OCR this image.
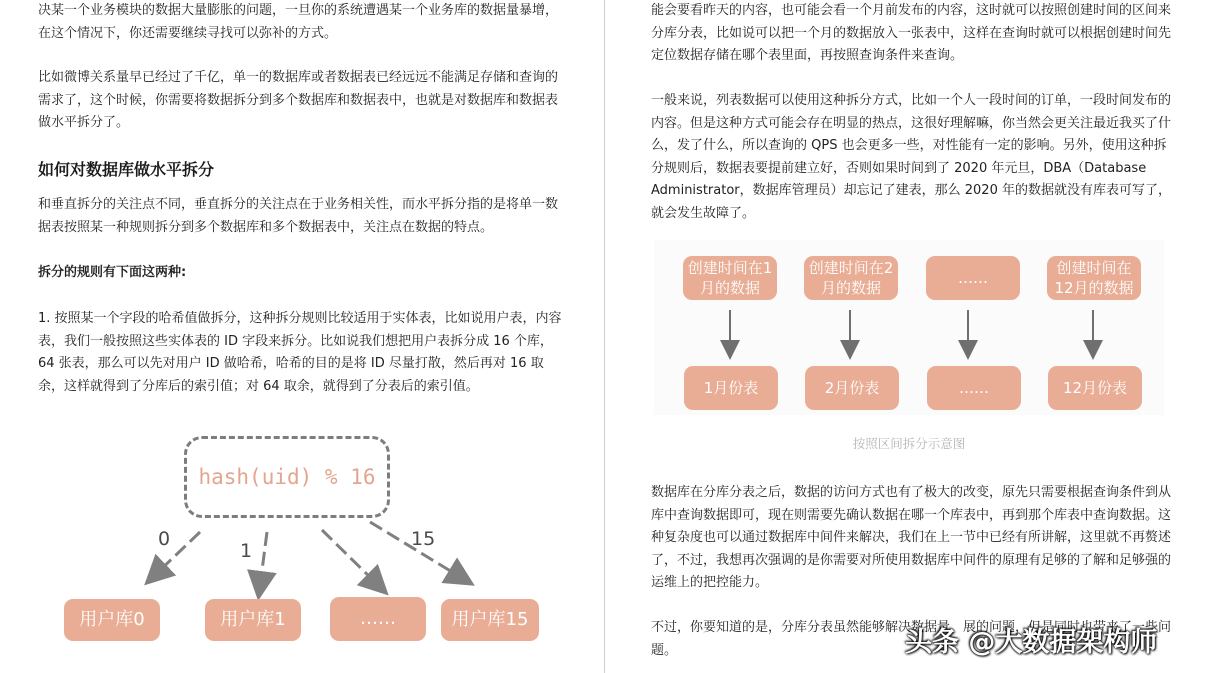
决某一个业务模块的数据大量膨胀的问题，一旦你的系统遭遇某一个业务库的数据量暴增，在这个情况下，你还需要继续寻找可以弥补的方式。

比如微博关系量早已经过了千亿，单一的数据库或者数据表已经远远不能满足存储和查询的需求了，这个时候，你需要将数据拆分到多个数据库和数据表中，也就是对数据库和数据表做水平拆分了。

如何对数据库做水平拆分

和垂直拆分的关注点不同，垂直拆分的关注点在于业务相关性，而水平拆分指的是将单一数据表按照某一种规则拆分到多个数据库和多个数据表中，关注点在数据的特点。

拆分的规则有下面这两种:

1. 按照某一个字段的哈希值做拆分，这种拆分规则比较适用于实体表，比如说用户表，内容表，我们一般按照这些实体表的 ID 字段来拆分。比如说我们想把用户表拆分成 16 个库，64 张表，那么可以先对用户 ID 做哈希，哈希的目的是将 ID 尽量打散，然后再对 16 取余，这样就得到了分库后的索引值；对 64 取余，就得到了分表后的索引值。

hash(uid) % 16
0
1
15
用户库0	用户库1	……	用户库15

能会要看昨天的内容，也可能会看一个月前发布的内容，这时就可以按照创建时间的区间来分库分表，比如说可以把一个月的数据放入一张表中，这样在查询时就可以根据创建时间先定位数据存储在哪个表里面，再按照查询条件来查询。

一般来说，列表数据可以使用这种拆分方式，比如一个人一段时间的订单，一段时间发布的内容。但是这种方式可能会存在明显的热点，这很好理解嘛，你当然会更关注最近我买了什么，发了什么，所以查询的 QPS 也会更多一些，对性能有一定的影响。另外，使用这种拆分规则后，数据表要提前建立好，否则如果时间到了 2020 年元旦，DBA（Database Administrator，数据库管理员）却忘记了建表，那么 2020 年的数据就没有库表可写了，就会发生故障了。

创建时间在1月的数据
创建时间在2月的数据
……
创建时间在12月的数据
1月份表	2月份表	……	12月份表
按照区间拆分示意图

数据库在分库分表之后，数据的访问方式也有了极大的改变，原先只需要根据查询条件到从库中查询数据即可，现在则需要先确认数据在哪一个库表中，再到那个库表中查询数据。这种复杂度也可以通过数据库中间件来解决，我们在上一节中已经有所讲解，这里就不再赘述了，不过，我想再次强调的是你需要对所使用数据库中间件的原理有足够的了解和足够强的运维上的把控能力。

不过，你要知道的是，分库分表虽然能够解决数据量、展的问题，但是同时也带来了一些问题。	头条 @大数据架构师
